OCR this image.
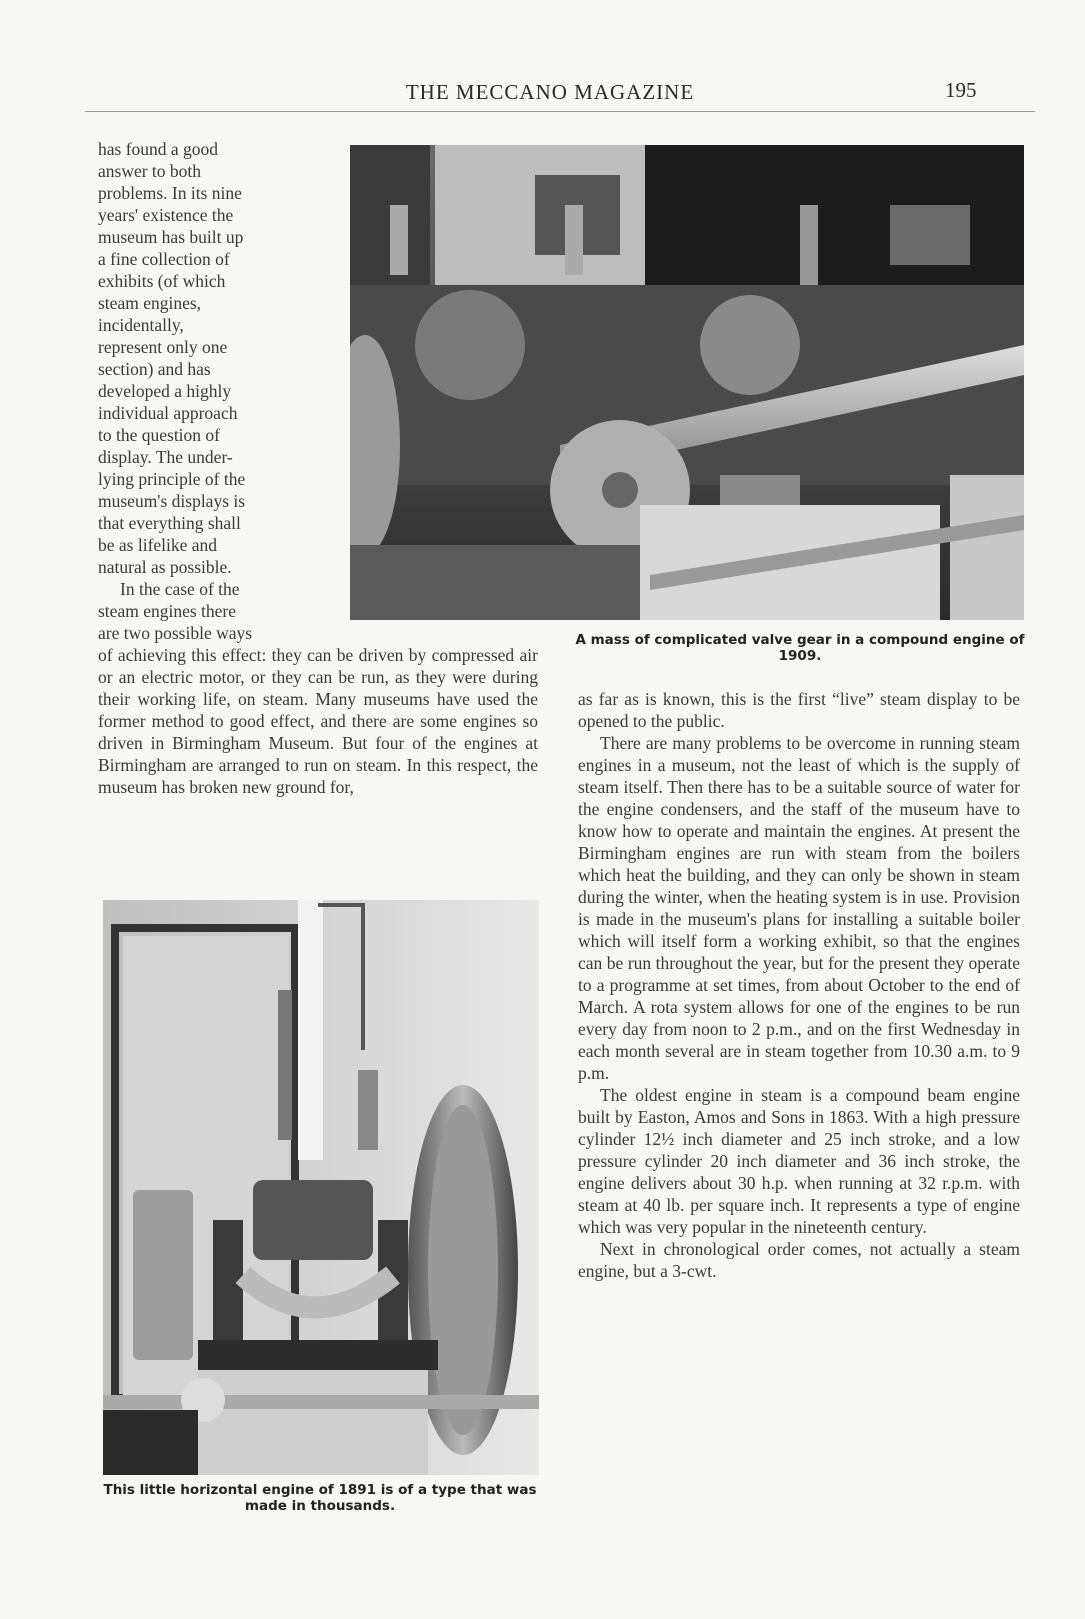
THE MECCANO MAGAZINE	195
A mass of complicated valve gear in a compound engine of 1909.
This little horizontal engine of 1891 is of a type that was made in thousands.

has found a good

answer to both

problems. In its nine

years' existence the

museum has built up

a fine collection of

exhibits (of which

steam engines,

incidentally,

represent only one

section) and has

developed a highly

individual approach

to the question of

display. The under-

lying principle of the

museum's displays is

that everything shall

be as lifelike and

natural as possible.

In the case of the

steam engines there

are two possible ways

of achieving this effect: they can be driven by compressed air or an electric motor, or they can be run, as they were during their working life, on steam. Many museums have used the former method to good effect, and there are some engines so driven in Birmingham Museum. But four of the engines at Birmingham are arranged to run on steam. In this respect, the museum has broken new ground for,

as far as is known, this is the first “live” steam display to be opened to the public.

There are many problems to be overcome in running steam engines in a museum, not the least of which is the supply of steam itself. Then there has to be a suitable source of water for the engine condensers, and the staff of the museum have to know how to operate and maintain the engines. At present the Birmingham engines are run with steam from the boilers which heat the building, and they can only be shown in steam during the winter, when the heating system is in use. Provision is made in the museum's plans for installing a suitable boiler which will itself form a working exhibit, so that the engines can be run throughout the year, but for the present they operate to a programme at set times, from about October to the end of March. A rota system allows for one of the engines to be run every day from noon to 2 p.m., and on the first Wednesday in each month several are in steam together from 10.30 a.m. to 9 p.m.

The oldest engine in steam is a compound beam engine built by Easton, Amos and Sons in 1863. With a high pressure cylinder 12½ inch diameter and 25 inch stroke, and a low pressure cylinder 20 inch diameter and 36 inch stroke, the engine delivers about 30 h.p. when running at 32 r.p.m. with steam at 40 lb. per square inch. It represents a type of engine which was very popular in the nineteenth century.

Next in chronological order comes, not actually a steam engine, but a 3-cwt.
